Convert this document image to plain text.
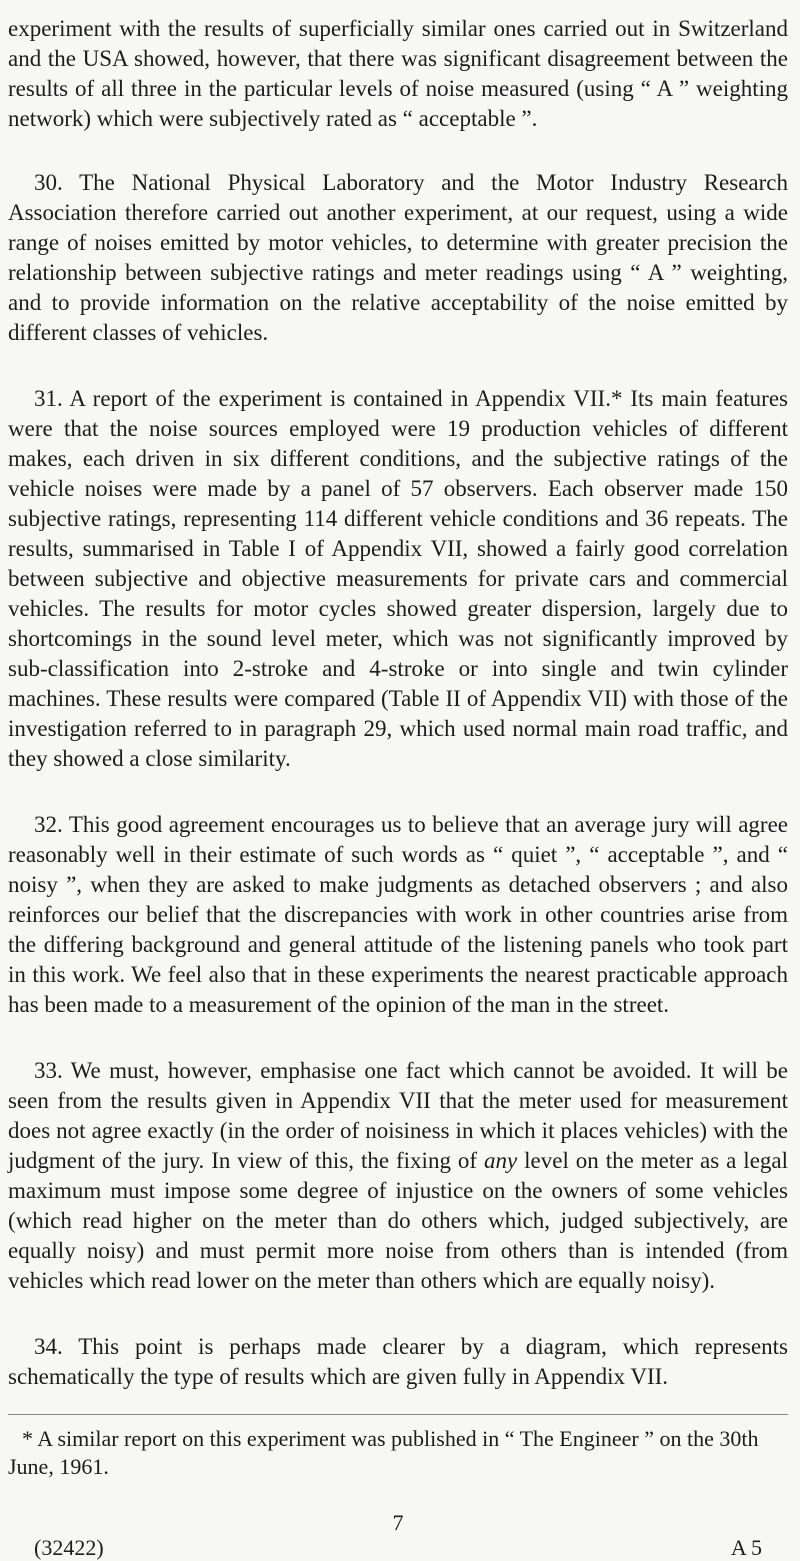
experiment with the results of superficially similar ones carried out in Switzerland and the USA showed, however, that there was significant disagreement between the results of all three in the particular levels of noise measured (using “ A ” weighting network) which were subjectively rated as “ acceptable ”.

30. The National Physical Laboratory and the Motor Industry Research Association therefore carried out another experiment, at our request, using a wide range of noises emitted by motor vehicles, to determine with greater precision the relationship between subjective ratings and meter readings using “ A ” weighting, and to provide information on the relative acceptability of the noise emitted by different classes of vehicles.

31. A report of the experiment is contained in Appendix VII.* Its main features were that the noise sources employed were 19 production vehicles of different makes, each driven in six different conditions, and the subjective ratings of the vehicle noises were made by a panel of 57 observers. Each observer made 150 subjective ratings, representing 114 different vehicle conditions and 36 repeats. The results, summarised in Table I of Appendix VII, showed a fairly good correlation between subjective and objective measurements for private cars and commercial vehicles. The results for motor cycles showed greater dispersion, largely due to shortcomings in the sound level meter, which was not significantly improved by sub-classification into 2-stroke and 4-stroke or into single and twin cylinder machines. These results were compared (Table II of Appendix VII) with those of the investigation referred to in paragraph 29, which used normal main road traffic, and they showed a close similarity.

32. This good agreement encourages us to believe that an average jury will agree reasonably well in their estimate of such words as “ quiet ”, “ acceptable ”, and “ noisy ”, when they are asked to make judgments as detached observers ; and also reinforces our belief that the discrepancies with work in other countries arise from the differing background and general attitude of the listening panels who took part in this work. We feel also that in these experiments the nearest practicable approach has been made to a measurement of the opinion of the man in the street.

33. We must, however, emphasise one fact which cannot be avoided. It will be seen from the results given in Appendix VII that the meter used for measurement does not agree exactly (in the order of noisiness in which it places vehicles) with the judgment of the jury. In view of this, the fixing of any level on the meter as a legal maximum must impose some degree of injustice on the owners of some vehicles (which read higher on the meter than do others which, judged subjectively, are equally noisy) and must permit more noise from others than is intended (from vehicles which read lower on the meter than others which are equally noisy).

34. This point is perhaps made clearer by a diagram, which represents schematically the type of results which are given fully in Appendix VII.

* A similar report on this experiment was published in “ The Engineer ” on the 30th June, 1961.

7
(32422)	A 5
